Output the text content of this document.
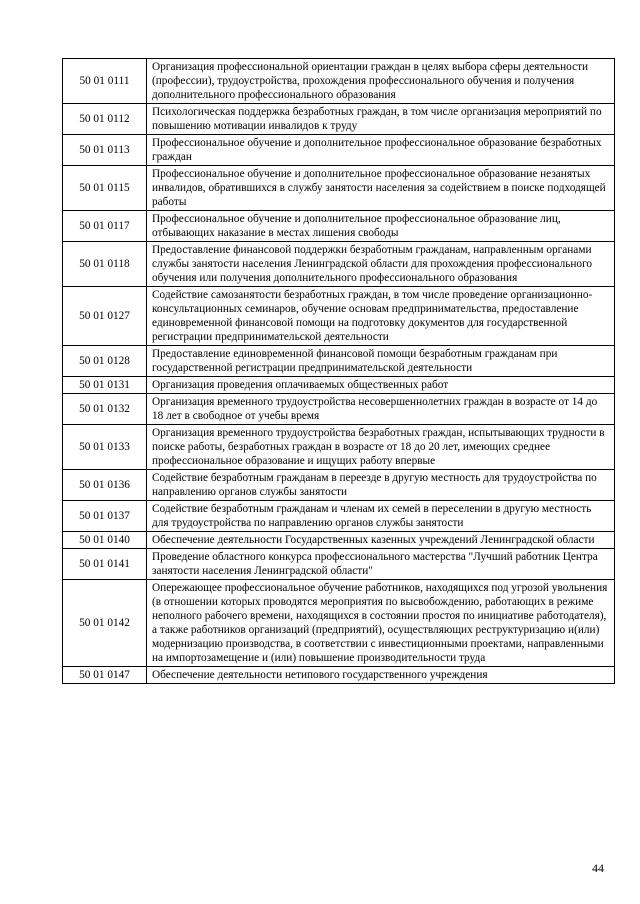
50 01 0111	Организация профессиональной ориентации граждан в целях выбора сферы деятельности (профессии), трудоустройства, прохождения профессионального обучения и получения дополнительного профессионального образования
50 01 0112	Психологическая поддержка безработных граждан, в том числе организация мероприятий по повышению мотивации инвалидов к труду
50 01 0113	Профессиональное обучение и дополнительное профессиональное образование безработных граждан
50 01 0115	Профессиональное обучение и дополнительное профессиональное образование незанятых инвалидов, обратившихся в службу занятости населения за содействием в поиске подходящей работы
50 01 0117	Профессиональное обучение и дополнительное профессиональное образование лиц, отбывающих наказание в местах лишения свободы
50 01 0118	Предоставление финансовой поддержки безработным гражданам, направленным органами службы занятости населения Ленинградской области для прохождения профессионального обучения или получения дополнительного профессионального образования
50 01 0127	Содействие самозанятости безработных граждан, в том числе проведение организационно-консультационных семинаров, обучение основам предпринимательства, предоставление единовременной финансовой помощи на подготовку документов для государственной регистрации предпринимательской деятельности
50 01 0128	Предоставление единовременной финансовой помощи безработным гражданам при государственной регистрации предпринимательской деятельности
50 01 0131	Организация проведения оплачиваемых общественных работ
50 01 0132	Организация временного трудоустройства несовершеннолетних граждан в возрасте от 14 до 18 лет в свободное от учебы время
50 01 0133	Организация временного трудоустройства безработных граждан, испытывающих трудности в поиске работы, безработных граждан в возрасте от 18 до 20 лет, имеющих среднее профессиональное образование и ищущих работу впервые
50 01 0136	Содействие безработным гражданам в переезде в другую местность для трудоустройства по направлению органов службы занятости
50 01 0137	Содействие безработным гражданам и членам их семей в переселении в другую местность для трудоустройства по направлению органов службы занятости
50 01 0140	Обеспечение деятельности Государственных казенных учреждений Ленинградской области
50 01 0141	Проведение областного конкурса профессионального мастерства "Лучший работник Центра занятости населения Ленинградской области"
50 01 0142	Опережающее профессиональное обучение работников, находящихся под угрозой увольнения (в отношении которых проводятся мероприятия по высвобождению, работающих в режиме неполного рабочего времени, находящихся в состоянии простоя по инициативе работодателя), а также работников организаций (предприятий), осуществляющих реструктуризацию и(или) модернизацию производства, в соответствии с инвестиционными проектами, направленными на импортозамещение и (или) повышение производительности труда
50 01 0147	Обеспечение деятельности нетипового государственного учреждения
44
